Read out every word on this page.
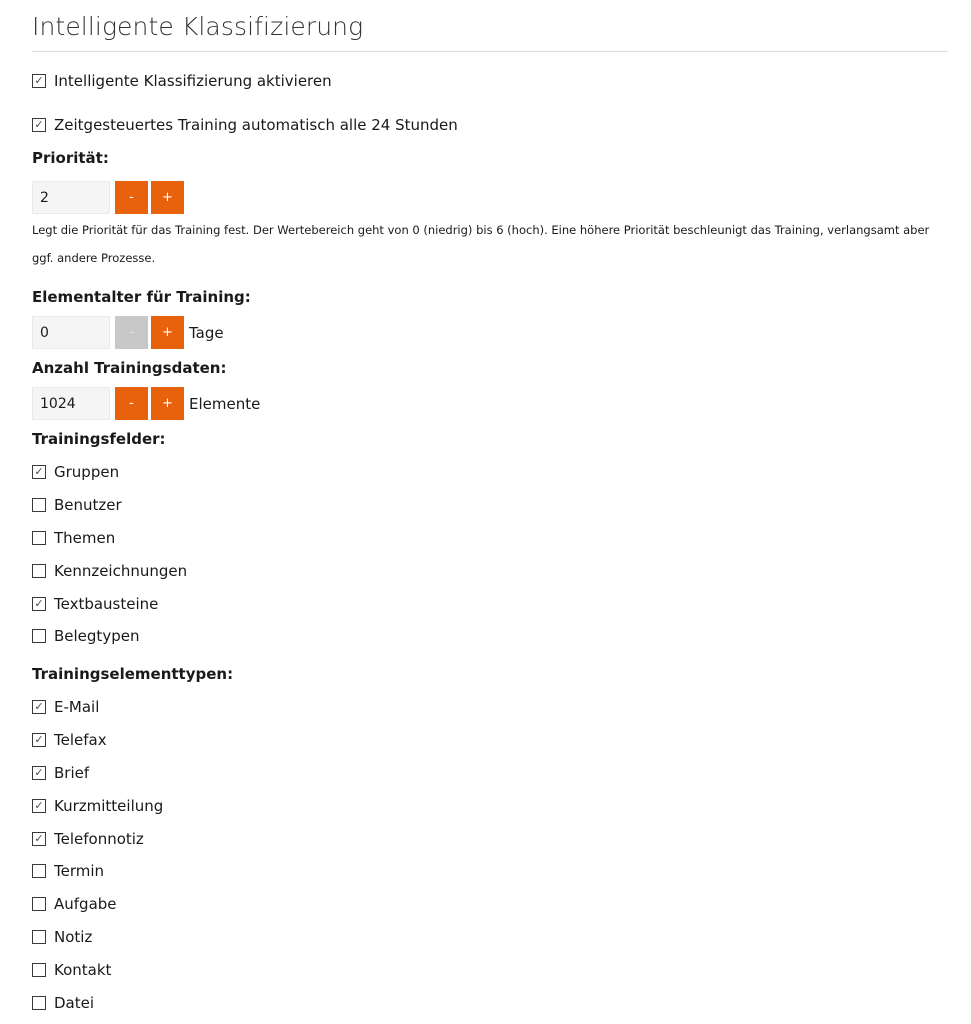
Intelligente Klassifizierung
✓
Intelligente Klassifizierung aktivieren
✓
Zeitgesteuertes Training automatisch alle 24 Stunden
Priorität:
2
-	+
Legt die Priorität für das Training fest. Der Wertebereich geht von 0 (niedrig) bis 6 (hoch). Eine höhere Priorität beschleunigt das Training, verlangsamt aber ggf. andere Prozesse.
Elementalter für Training:
0
-	+	Tage
Anzahl Trainingsdaten:
1024
-	+	Elemente
Trainingsfelder:
✓
Gruppen
Benutzer
Themen
Kennzeichnungen
✓
Textbausteine
Belegtypen
Trainingselementtypen:
✓
E-Mail
✓
Telefax
✓
Brief
✓
Kurzmitteilung
✓
Telefonnotiz
Termin
Aufgabe
Notiz
Kontakt
Datei
